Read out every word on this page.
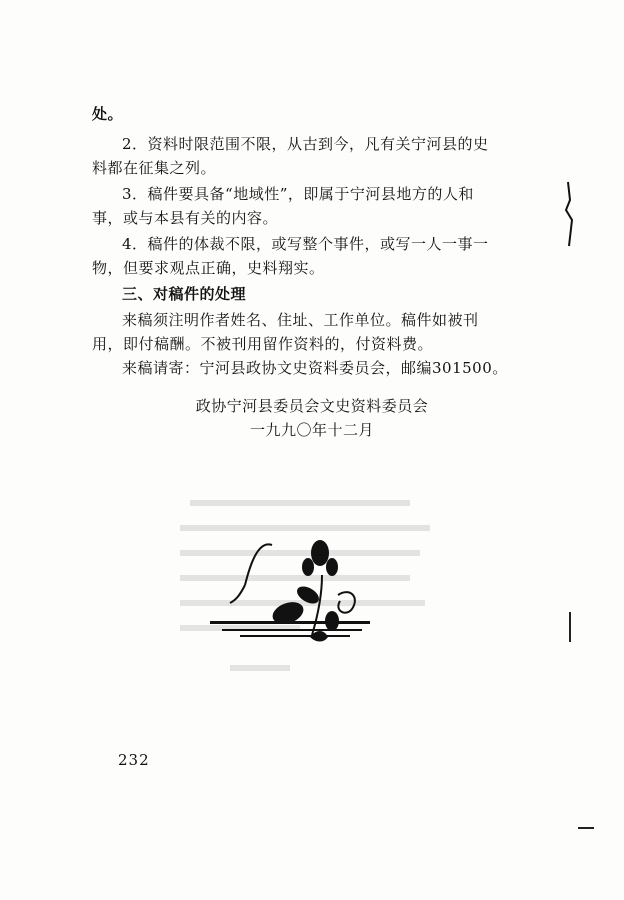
处。
2．资料时限范围不限，从古到今，凡有关宁河县的史
料都在征集之列。
3．稿件要具备“地域性”，即属于宁河县地方的人和
事，或与本县有关的内容。
4．稿件的体裁不限，或写整个事件，或写一人一事一
物，但要求观点正确，史料翔实。
三、对稿件的处理
来稿须注明作者姓名、住址、工作单位。稿件如被刊
用，即付稿酬。不被刊用留作资料的，付资料费。
来稿请寄：宁河县政协文史资料委员会，邮编301500。
政协宁河县委员会文史资料委员会
一九九〇年十二月
232
